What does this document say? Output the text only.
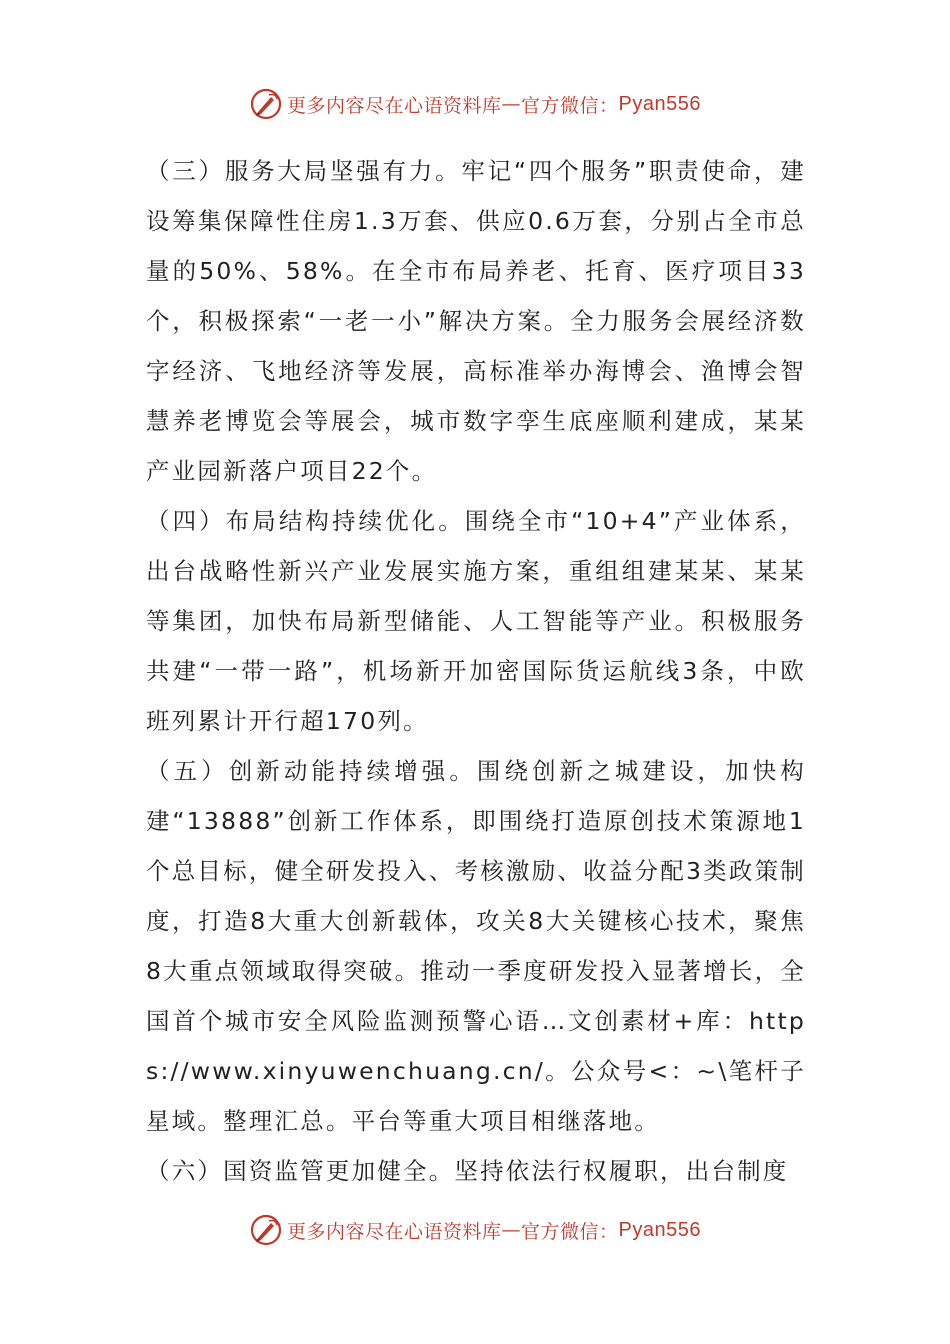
更多内容尽在心语资料库 — 官方微信： Pyan556

（三）服务大局坚强有力。牢记“四个服务”职责使命，建设筹集保障性住房1.3万套、供应0.6万套，分别占全市总量的50%、58%。在全市布局养老、托育、医疗项目33个，积极探索“一老一小”解决方案。全力服务会展经济数字经济、飞地经济等发展，高标准举办海博会、渔博会智慧养老博览会等展会，城市数字孪生底座顺利建成，某某产业园新落户项目22个。

（四）布局结构持续优化。围绕全市“10+4”产业体系，出台战略性新兴产业发展实施方案，重组组建某某、某某等集团，加快布局新型储能、人工智能等产业。积极服务共建“一带一路”，机场新开加密国际货运航线3条，中欧班列累计开行超170列。

（五）创新动能持续增强。围绕创新之城建设，加快构建“13888”创新工作体系，即围绕打造原创技术策源地1个总目标，健全研发投入、考核激励、收益分配3类政策制度，打造8大重大创新载体，攻关8大关键核心技术，聚焦8大重点领域取得突破。推动一季度研发投入显著增长，全国首个城市安全风险监测预警心语…文创素材+库：https://www.xinyuwenchuang.cn/。公众号<：~\笔杆子星域。整理汇总。平台等重大项目相继落地。

（六）国资监管更加健全。坚持依法行权履职，出台制度

更多内容尽在心语资料库 — 官方微信： Pyan556
